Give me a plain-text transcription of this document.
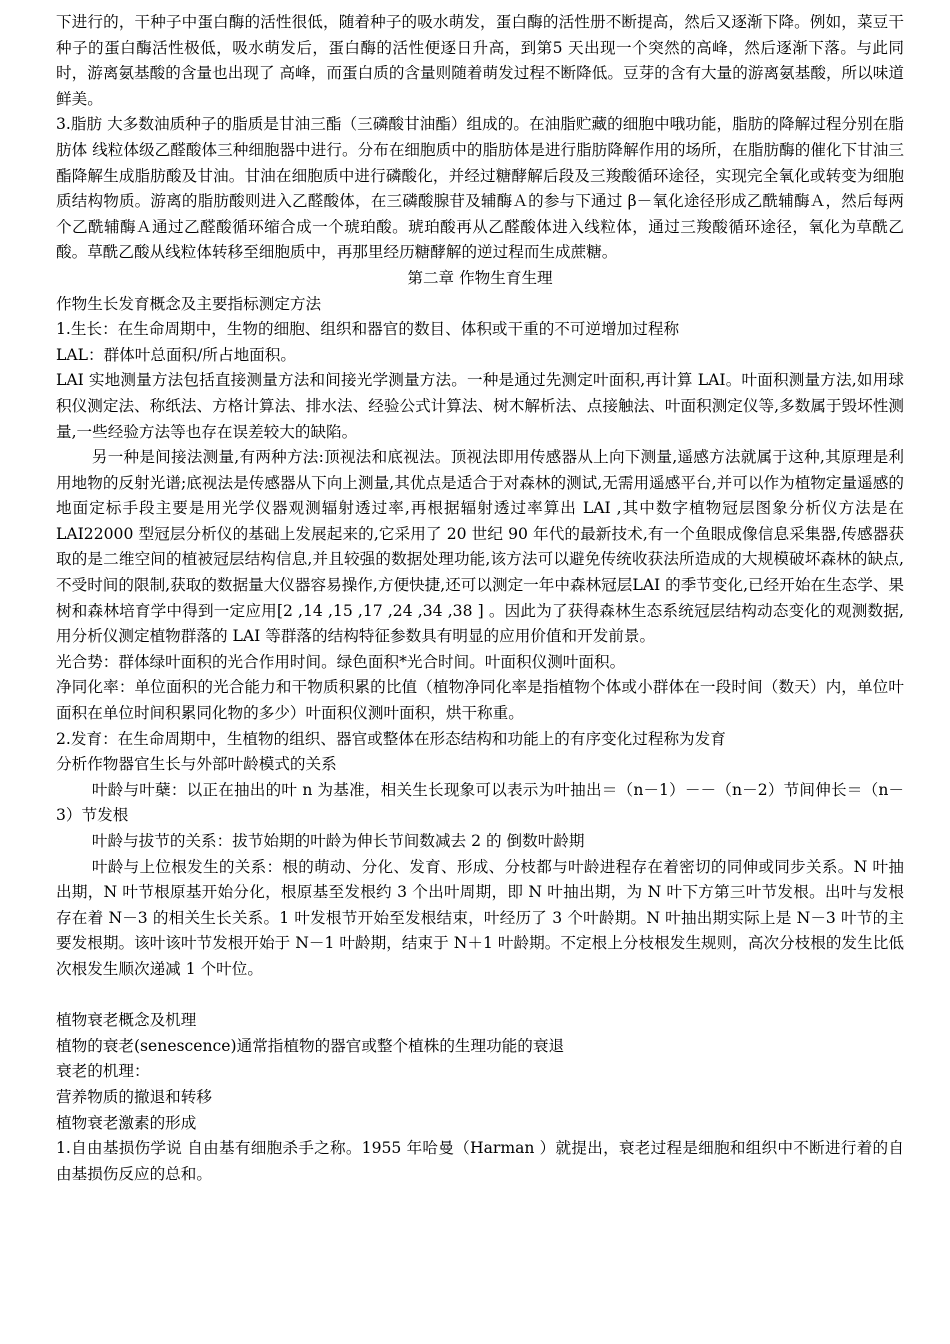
下进行的，干种子中蛋白酶的活性很低，随着种子的吸水萌发，蛋白酶的活性册不断提高，然后又逐渐下降。例如，菜豆干种子的蛋白酶活性极低，吸水萌发后，蛋白酶的活性便逐日升高，到第5 天出现一个突然的高峰，然后逐渐下落。与此同时，游离氨基酸的含量也出现了 高峰，而蛋白质的含量则随着萌发过程不断降低。豆芽的含有大量的游离氨基酸，所以味道鲜美。

3.脂肪 大多数油质种子的脂质是甘油三酯（三磷酸甘油酯）组成的。在油脂贮藏的细胞中哦功能，脂肪的降解过程分别在脂肪体 线粒体级乙醛酸体三种细胞器中进行。分布在细胞质中的脂肪体是进行脂肪降解作用的场所，在脂肪酶的催化下甘油三酯降解生成脂肪酸及甘油。甘油在细胞质中进行磷酸化，并经过糖酵解后段及三羧酸循环途径，实现完全氧化或转变为细胞质结构物质。游离的脂肪酸则进入乙醛酸体，在三磷酸腺苷及辅酶Ａ的参与下通过 β－氧化途径形成乙酰辅酶Ａ，然后每两个乙酰辅酶Ａ通过乙醛酸循环缩合成一个琥珀酸。琥珀酸再从乙醛酸体进入线粒体，通过三羧酸循环途径，氧化为草酰乙酸。草酰乙酸从线粒体转移至细胞质中，再那里经历糖酵解的逆过程而生成蔗糖。

第二章 作物生育生理

作物生长发育概念及主要指标测定方法

1.生长：在生命周期中，生物的细胞、组织和器官的数目、体积或干重的不可逆增加过程称

LAL：群体叶总面积/所占地面积。

LAI 实地测量方法包括直接测量方法和间接光学测量方法。一种是通过先测定叶面积,再计算 LAI。叶面积测量方法,如用球积仪测定法、称纸法、方格计算法、排水法、经验公式计算法、树木解析法、点接触法、叶面积测定仪等,多数属于毁坏性测量,一些经验方法等也存在误差较大的缺陷。

另一种是间接法测量,有两种方法:顶视法和底视法。顶视法即用传感器从上向下测量,遥感方法就属于这种,其原理是利用地物的反射光谱;底视法是传感器从下向上测量,其优点是适合于对森林的测试,无需用遥感平台,并可以作为植物定量遥感的地面定标手段主要是用光学仪器观测辐射透过率,再根据辐射透过率算出 LAI ,其中数字植物冠层图象分析仪方法是在 LAI22000 型冠层分析仪的基础上发展起来的,它采用了 20 世纪 90 年代的最新技术,有一个鱼眼成像信息采集器,传感器获取的是二维空间的植被冠层结构信息,并且较强的数据处理功能,该方法可以避免传统收获法所造成的大规模破坏森林的缺点,不受时间的限制,获取的数据量大仪器容易操作,方便快捷,还可以测定一年中森林冠层LAI 的季节变化,已经开始在生态学、果树和森林培育学中得到一定应用[2 ,14 ,15 ,17 ,24 ,34 ,38 ] 。因此为了获得森林生态系统冠层结构动态变化的观测数据,用分析仪测定植物群落的 LAI 等群落的结构特征参数具有明显的应用价值和开发前景。

光合势：群体绿叶面积的光合作用时间。绿色面积*光合时间。叶面积仪测叶面积。

净同化率：单位面积的光合能力和干物质积累的比值（植物净同化率是指植物个体或小群体在一段时间（数天）内，单位叶面积在单位时间积累同化物的多少）叶面积仪测叶面积，烘干称重。

2.发育：在生命周期中，生植物的组织、器官或整体在形态结构和功能上的有序变化过程称为发育

分析作物器官生长与外部叶龄模式的关系

叶龄与叶蘖：以正在抽出的叶 n 为基准，相关生长现象可以表示为叶抽出＝（n－1）－－（n－2）节间伸长＝（n－3）节发根

叶龄与拔节的关系：拔节始期的叶龄为伸长节间数减去 2 的 倒数叶龄期

叶龄与上位根发生的关系：根的萌动、分化、发育、形成、分枝都与叶龄进程存在着密切的同伸或同步关系。N 叶抽出期，N 叶节根原基开始分化，根原基至发根约 3 个出叶周期，即 N 叶抽出期，为 N 叶下方第三叶节发根。出叶与发根存在着 N－3 的相关生长关系。1 叶发根节开始至发根结束，叶经历了 3 个叶龄期。N 叶抽出期实际上是 N－3 叶节的主要发根期。该叶该叶节发根开始于 N－1 叶龄期，结束于 N＋1 叶龄期。不定根上分枝根发生规则，高次分枝根的发生比低次根发生顺次递减 1 个叶位。

植物衰老概念及机理

植物的衰老(senescence)通常指植物的器官或整个植株的生理功能的衰退

衰老的机理：

营养物质的撤退和转移

植物衰老激素的形成

1.自由基损伤学说 自由基有细胞杀手之称。1955 年哈曼（Harman ）就提出，衰老过程是细胞和组织中不断进行着的自由基损伤反应的总和。
